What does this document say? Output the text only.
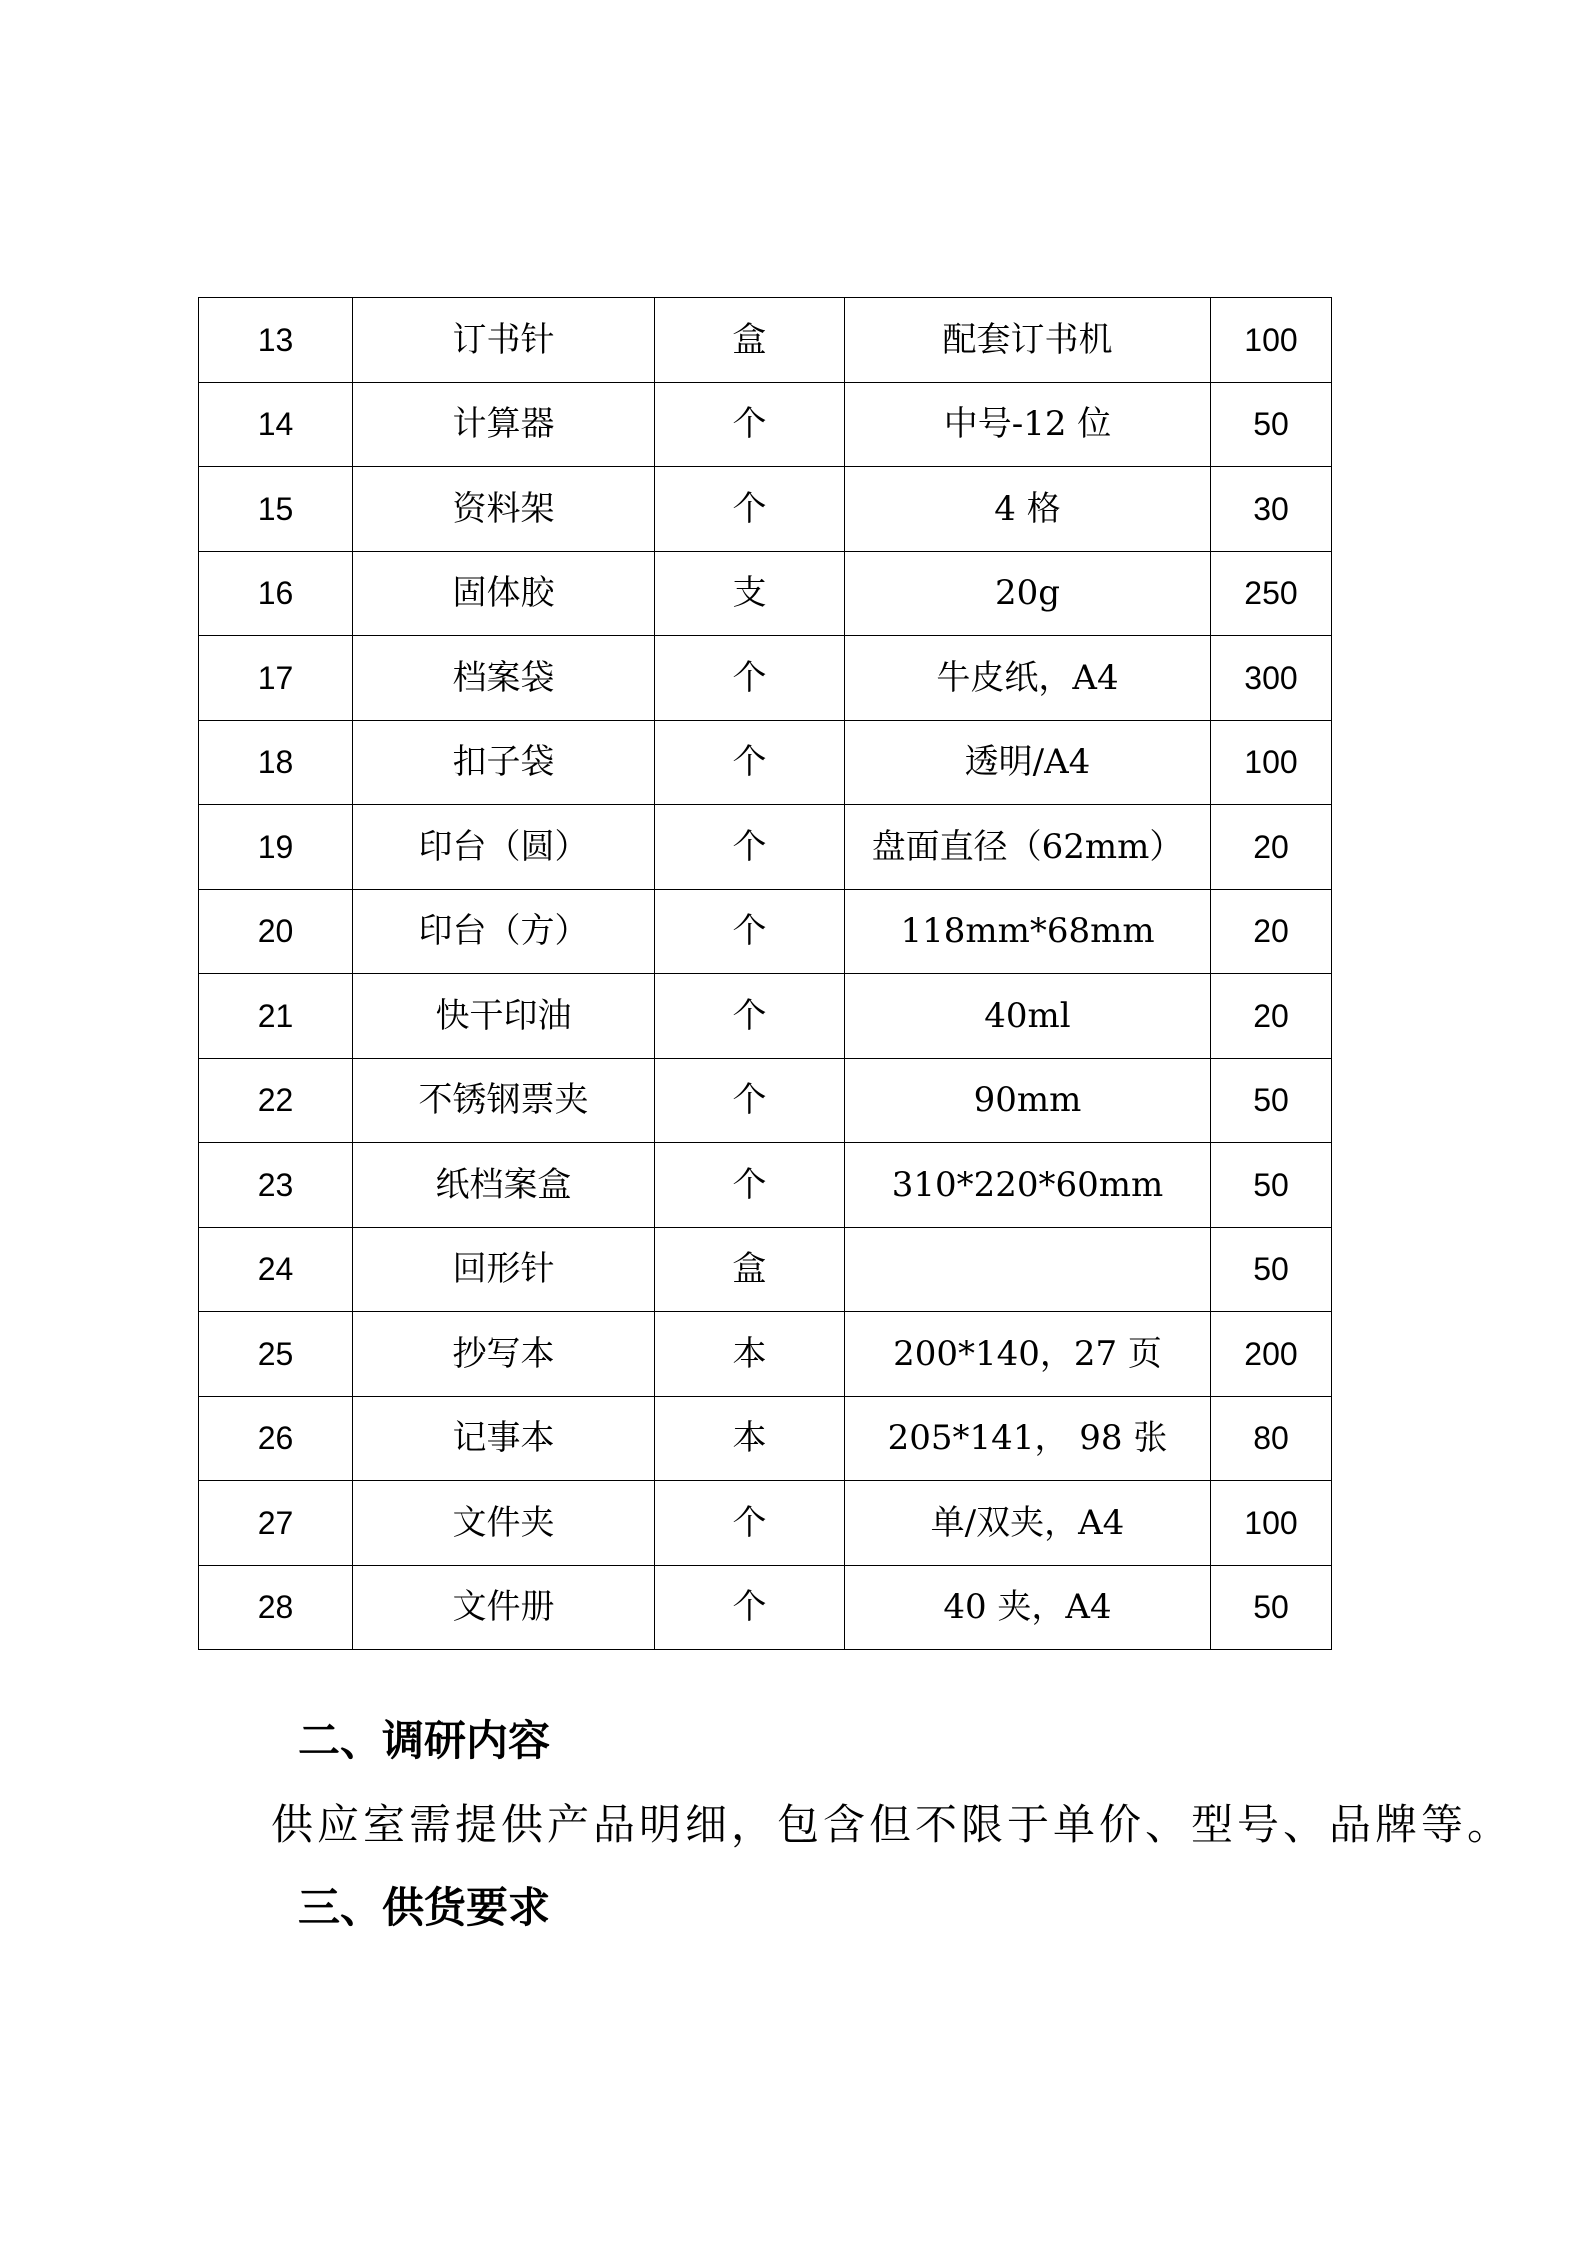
13	订书针	盒	配套订书机	100
14	计算器	个	中号-12 位	50
15	资料架	个	4 格	30
16	固体胶	支	20g	250
17	档案袋	个	牛皮纸，A4	300
18	扣子袋	个	透明/A4	100
19	印台（圆）	个	盘面直径（62mm）	20
20	印台（方）	个	118mm*68mm	20
21	快干印油	个	40ml	20
22	不锈钢票夹	个	90mm	50
23	纸档案盒	个	310*220*60mm	50
24	回形针	盒		50
25	抄写本	本	200*140，27 页	200
26	记事本	本	205*141， 98 张	80
27	文件夹	个	单/双夹，A4	100
28	文件册	个	40 夹，A4	50
二、调研内容
供应室需提供产品明细，包含但不限于单价、型号、品牌等。
三、供货要求
